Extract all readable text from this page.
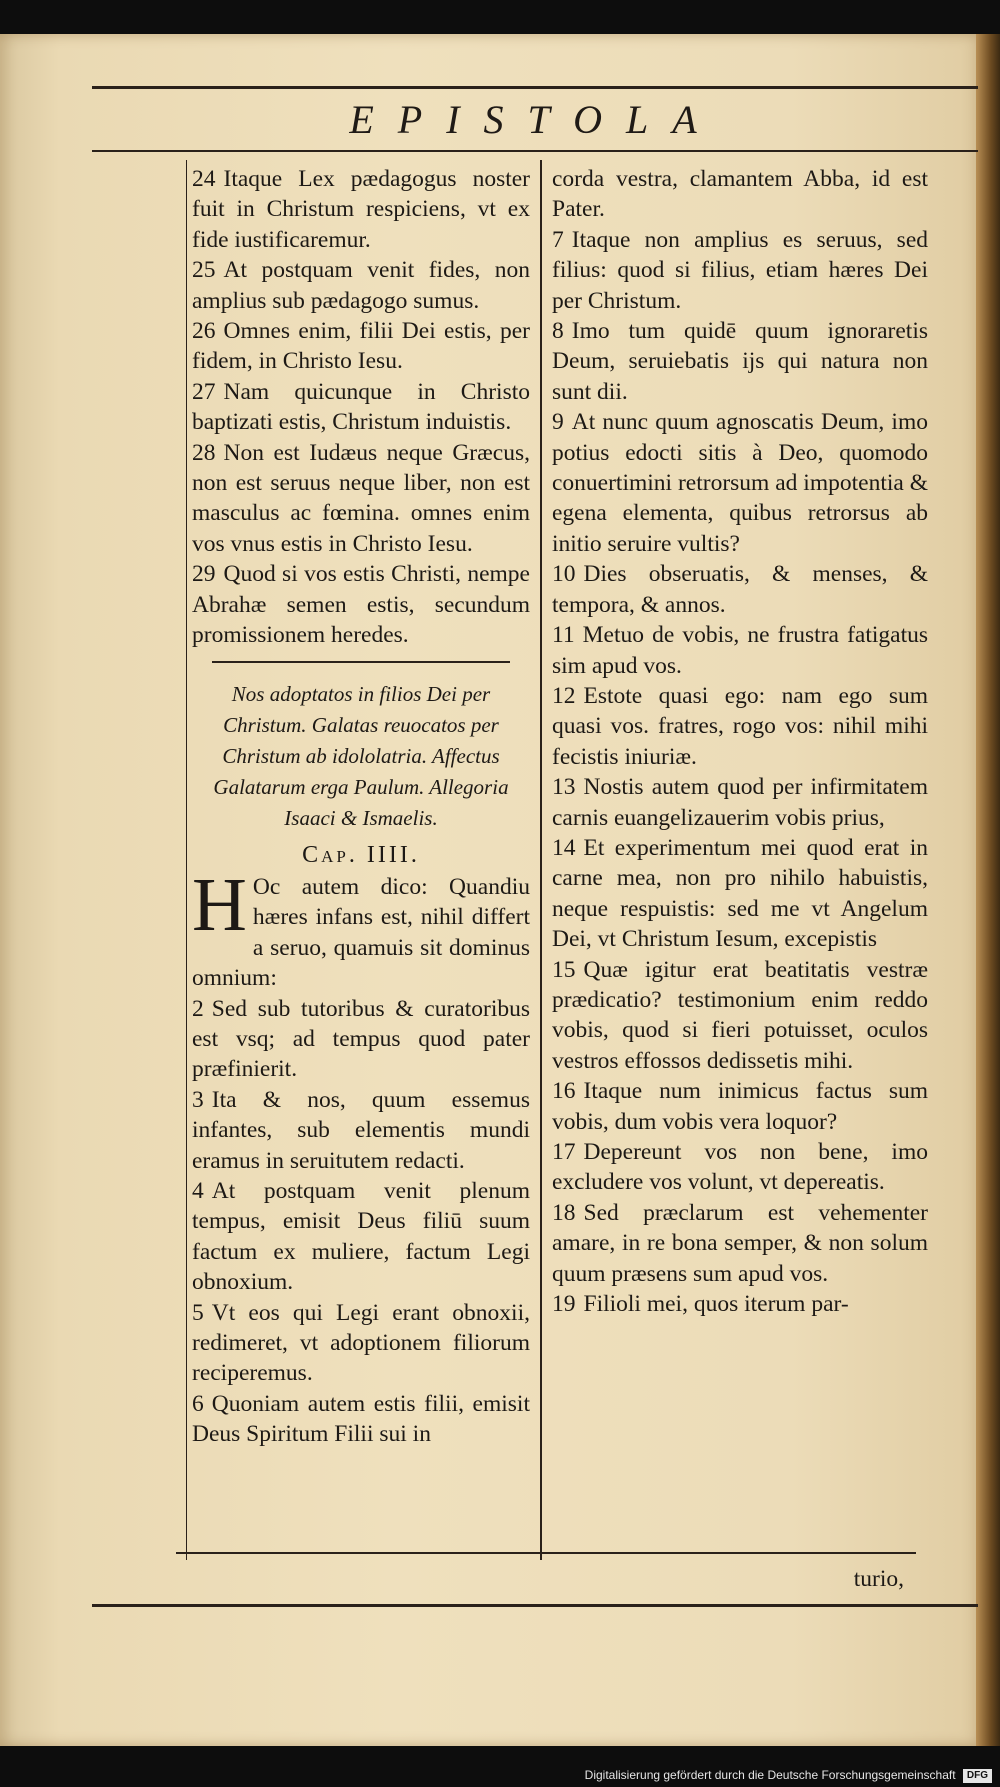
EPISTOLA

24 Itaque Lex pædagogus noster fuit in Christum respiciens, vt ex fide iustificaremur.

25 At postquam venit fides, non amplius sub pædagogo sumus.

26 Omnes enim, filii Dei estis, per fidem, in Christo Iesu.

27 Nam quicunque in Christo baptizati estis, Christum induistis.

28 Non est Iudæus neque Græcus, non est seruus neque liber, non est masculus ac fœmina. omnes enim vos vnus estis in Christo Iesu.

29 Quod si vos estis Christi, nempe Abrahæ semen estis, secundum promissionem heredes.

Nos adoptatos in filios Dei per Christum. Galatas reuocatos per Christum ab idololatria. Affectus Galatarum erga Paulum. Allegoria Isaaci & Ismaelis.
Cap. IIII.

H Oc autem dico: Quandiu hæres infans est, nihil differt a seruo, quamuis sit dominus omnium:

2 Sed sub tutoribus & curatoribus est vsq; ad tempus quod pater præfinierit.

3 Ita & nos, quum essemus infantes, sub elementis mundi eramus in seruitutem redacti.

4 At postquam venit plenum tempus, emisit Deus filiū suum factum ex muliere, factum Legi obnoxium.

5 Vt eos qui Legi erant obnoxii, redimeret, vt adoptionem filiorum reciperemus.

6 Quoniam autem estis filii, emisit Deus Spiritum Filii sui in

corda vestra, clamantem Abba, id est Pater.

7 Itaque non amplius es seruus, sed filius: quod si filius, etiam hæres Dei per Christum.

8 Imo tum quidē quum ignoraretis Deum, seruiebatis ijs qui natura non sunt dii.

9 At nunc quum agnoscatis Deum, imo potius edocti sitis à Deo, quomodo conuertimini retrorsum ad impotentia & egena elementa, quibus retrorsus ab initio seruire vultis?

10 Dies obseruatis, & menses, & tempora, & annos.

11 Metuo de vobis, ne frustra fatigatus sim apud vos.

12 Estote quasi ego: nam ego sum quasi vos. fratres, rogo vos: nihil mihi fecistis iniuriæ.

13 Nostis autem quod per infirmitatem carnis euangelizauerim vobis prius,

14 Et experimentum mei quod erat in carne mea, non pro nihilo habuistis, neque respuistis: sed me vt Angelum Dei, vt Christum Iesum, excepistis

15 Quæ igitur erat beatitatis vestræ prædicatio? testimonium enim reddo vobis, quod si fieri potuisset, oculos vestros effossos dedissetis mihi.

16 Itaque num inimicus factus sum vobis, dum vobis vera loquor?

17 Depereunt vos non bene, imo excludere vos volunt, vt depereatis.

18 Sed præclarum est vehementer amare, in re bona semper, & non solum quum præsens sum apud vos.

19 Filioli mei, quos iterum par-

turio,
Digitalisierung gefördert durch die Deutsche Forschungsgemeinschaft DFG
